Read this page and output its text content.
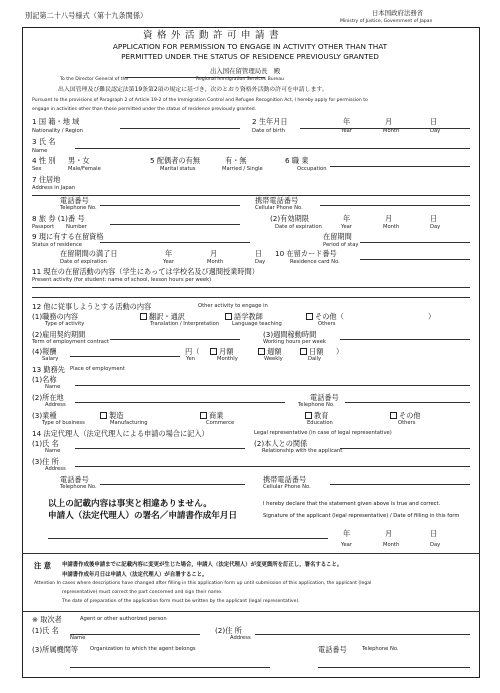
別記第二十八号様式（第十九条関係）	日本国政府法務省
Ministry of Justice, Government of Japan
資格外活動許可申請書
APPLICATION FOR PERMISSION TO ENGAGE IN ACTIVITY OTHER THAN THAT
PERMITTED UNDER THE STATUS OF RESIDENCE PREVIOUSLY GRANTED
出入国在留管理局長　殿
To the Director General of the	Regional Immigration Services Bureau
出入国管理及び難民認定法第19条第2項の規定に基づき，次のとおり資格外活動の許可を申請します。
Pursuant to the provisions of Paragraph 2 of Article 19-2 of the Immigration Control and Refugee Recognition Act, I hereby apply for permission to
engage in activities other than those permitted under the status of residence previously granted.
1 国 籍・地 域
Nationality / Region
2 生年月日
Date of birth
年	月	日
Year	Month	Day
3 氏 名
Name
4 性 別 男・女
Sex	Male/Female
5 配偶者の有無	有・無
Marital status	Married / Single
6 職 業
Occupation
7 住居地
Address in Japan
電話番号
Telephone No.
携帯電話番号
Cellular Phone No.
8 旅 券 (1)番 号
Passport Number
(2)有効期限
Date of expiration
年	月	日
Year	Month	Day
9 現に有する在留資格
Status of residence
在留期間
Period of stay
在留期間の満了日
Date of expiration
年	月	日
Year	Month	Day
10 在留カード番号
Residence card No.
11 現在の在留活動の内容（学生にあっては学校名及び週間授業時間）
Present activity (for student: name of school, lesson hours per week)
12 他に従事しようとする活動の内容	Other activity to engage in
(1)職務の内容
Type of activity
翻訳・通訳
Translation / Interpretation
語学教師
Language teaching
その他（	）
Others
(2)雇用契約期間
Term of employment contract
(3)週間稼動時間
Working hours per week
(4)報酬
Salary
円（
Yen
月額
Monthly
週額
Weekly
日額 ）
Daily
13 勤務先 Place of employment
(1)名称
Name
(2)所在地
Address
電話番号
Telephone No.
(3)業種
Type of business
製造
Manufacturing
商業
Commerce
教育
Education
その他
Others
14 法定代理人（法定代理人による申請の場合に記入）	Legal representative (in case of legal representative)
(1)氏 名
Name
(2)本人との関係
Relationship with the applicant
(3)住 所
Address
電話番号
Telephone No.
携帯電話番号
Cellular Phone No.
以上の記載内容は事実と相違ありません。	I hereby declare that the statement given above is true and correct.
申請人（法定代理人）の署名／申請書作成年月日	Signature of the applicant (legal representative) / Date of filling in this form
年	月	日
Year	Month	Day
注 意 申請書作成後申請までに記載内容に変更が生じた場合，申請人（法定代理人）が変更箇所を訂正し，署名すること。
申請書作成年月日は申請人（法定代理人）が自署すること。
Attention In cases where descriptions have changed after filling in this application form up until submission of this application, the applicant (legal
representative) must correct the part concerned and sign their name.
The date of preparation of the application form must be written by the applicant (legal representative).
※ 取次者	Agent or other authorized person
(1)氏 名
Name
(2)住 所
Address
(3)所属機関等 Organization to which the agent belongs	電話番号	Telephone No.
